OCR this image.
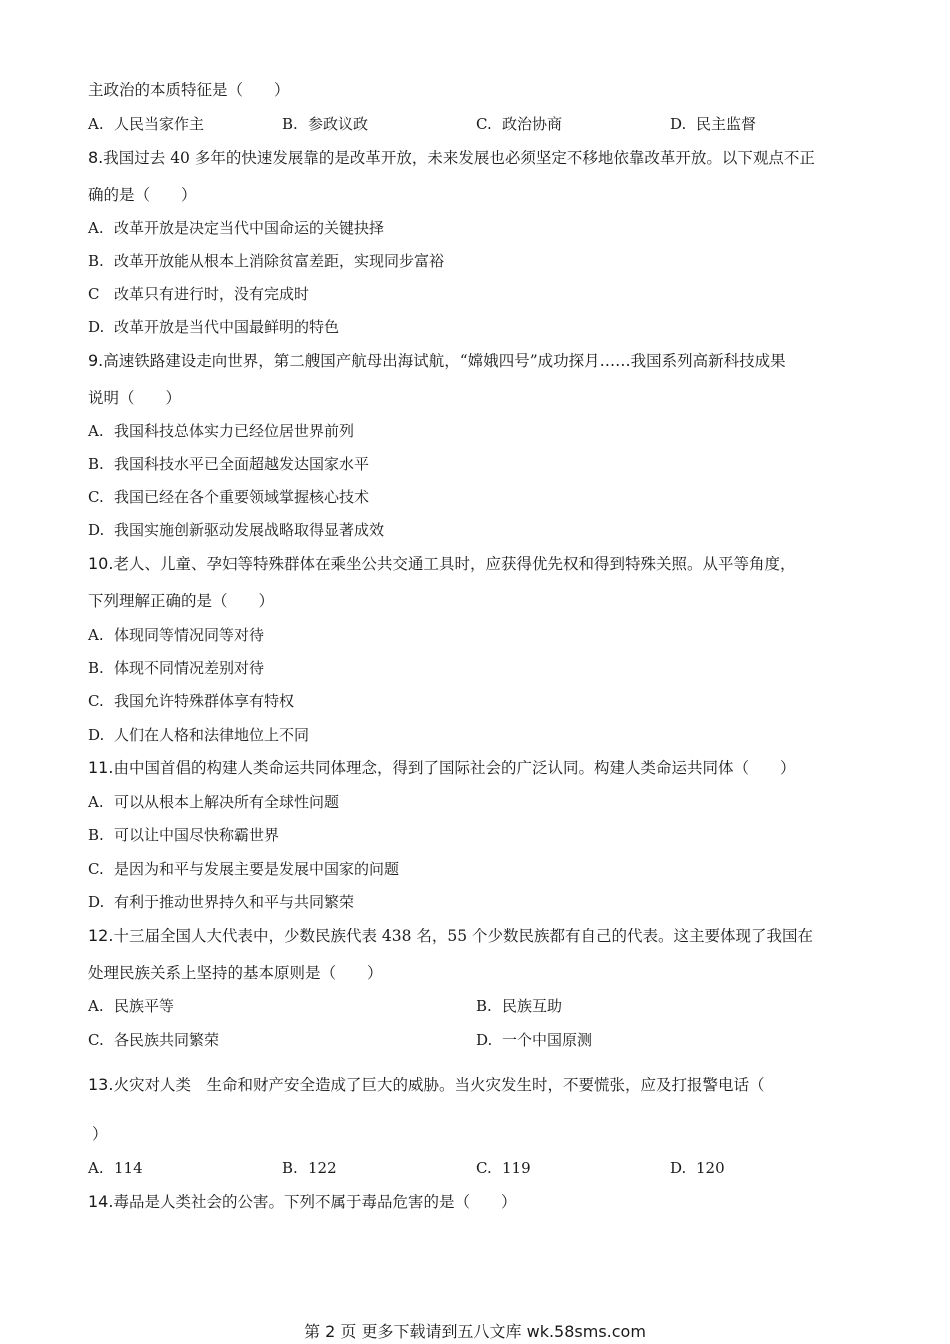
主政治的本质特征是（　　）
A. 人民当家作主	B. 参政议政	C. 政治协商	D. 民主监督
8.我国过去 40 多年的快速发展靠的是改革开放，未来发展也必须坚定不移地依靠改革开放。以下观点不正
确的是（　　）
A. 改革开放是决定当代中国命运的关键抉择
B. 改革开放能从根本上消除贫富差距，实现同步富裕
C 改革只有进行时，没有完成时
D. 改革开放是当代中国最鲜明的特色
9.高速铁路建设走向世界，第二艘国产航母出海试航，“嫦娥四号”成功探月……我国系列高新科技成果
说明（　　）
A. 我国科技总体实力已经位居世界前列
B. 我国科技水平已全面超越发达国家水平
C. 我国已经在各个重要领域掌握核心技术
D. 我国实施创新驱动发展战略取得显著成效
10.老人、儿童、孕妇等特殊群体在乘坐公共交通工具时，应获得优先权和得到特殊关照。从平等角度，
下列理解正确的是（　　）
A. 体现同等情况同等对待
B. 体现不同情况差别对待
C. 我国允许特殊群体享有特权
D. 人们在人格和法律地位上不同
11.由中国首倡的构建人类命运共同体理念，得到了国际社会的广泛认同。构建人类命运共同体（　　）
A. 可以从根本上解决所有全球性问题
B. 可以让中国尽快称霸世界
C. 是因为和平与发展主要是发展中国家的问题
D. 有利于推动世界持久和平与共同繁荣
12.十三届全国人大代表中，少数民族代表 438 名，55 个少数民族都有自己的代表。这主要体现了我国在
处理民族关系上坚持的基本原则是（　　）
A. 民族平等	B. 民族互助
C. 各民族共同繁荣	D. 一个中国原测
13.火灾对人类　生命和财产安全造成了巨大的威胁。当火灾发生时，不要慌张，应及打报警电话（
）
A. 114	B. 122	C. 119	D. 120
14.毒品是人类社会的公害。下列不属于毒品危害的是（　　）
第 2 页 更多下载请到五八文库 wk.58sms.com
